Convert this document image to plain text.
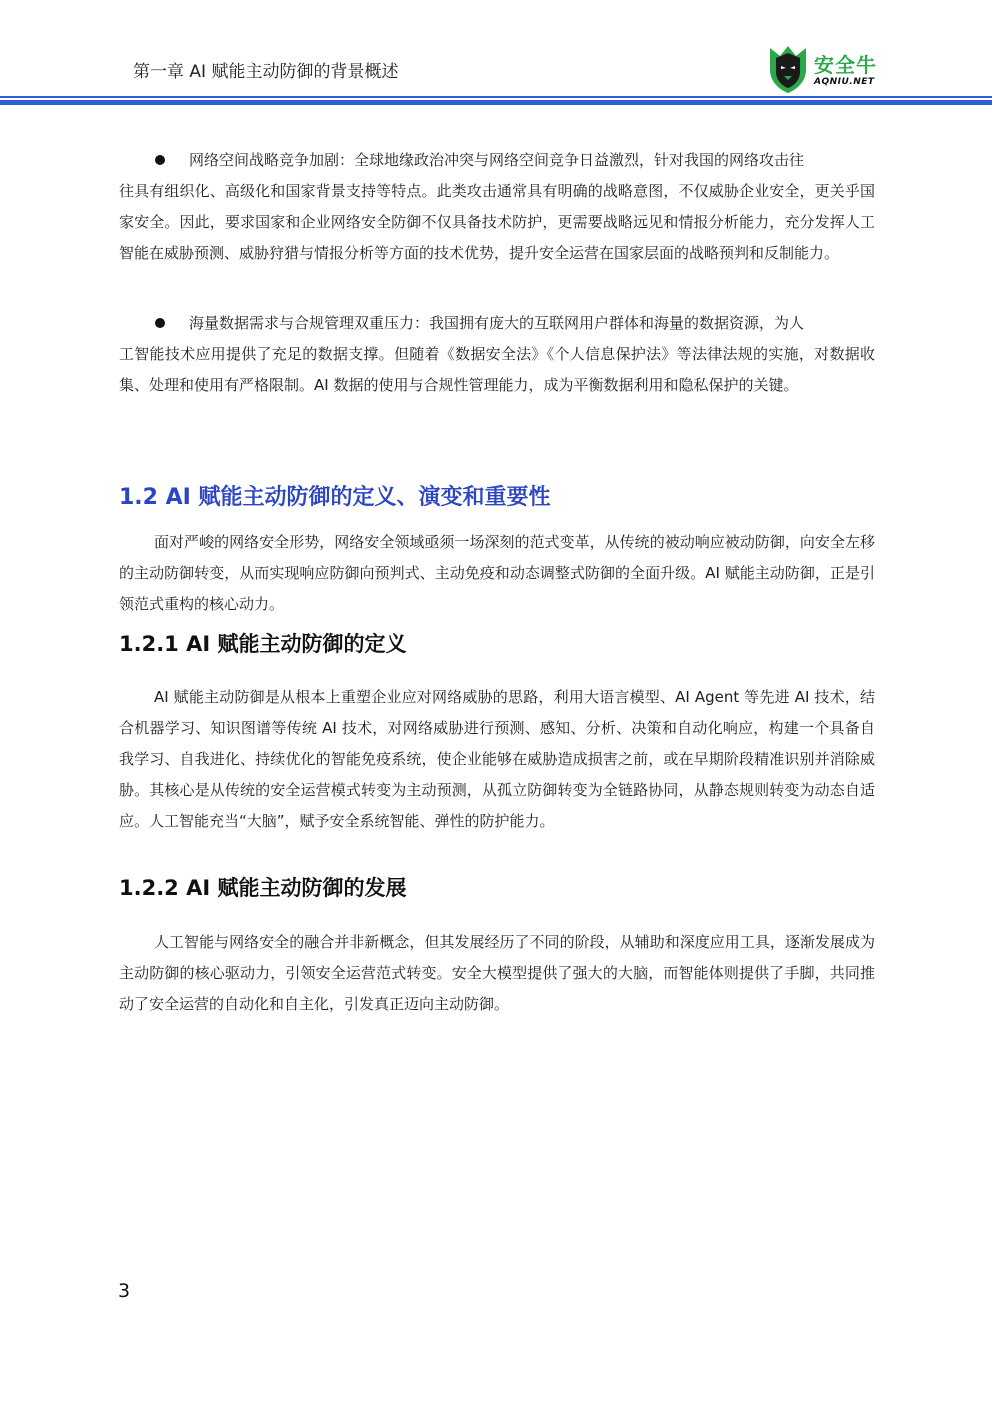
第一章 AI 赋能主动防御的背景概述	安全牛
AQNIU.NET
网络空间战略竞争加剧：全球地缘政治冲突与网络空间竞争日益激烈，针对我国的网络攻击往
往具有组织化、高级化和国家背景支持等特点。此类攻击通常具有明确的战略意图，不仅威胁企业安全，更关乎国家安全。因此，要求国家和企业网络安全防御不仅具备技术防护，更需要战略远见和情报分析能力，充分发挥人工智能在威胁预测、威胁狩猎与情报分析等方面的技术优势，提升安全运营在国家层面的战略预判和反制能力。
海量数据需求与合规管理双重压力：我国拥有庞大的互联网用户群体和海量的数据资源，为人
工智能技术应用提供了充足的数据支撑。但随着《数据安全法》《个人信息保护法》等法律法规的实施，对数据收集、处理和使用有严格限制。AI 数据的使用与合规性管理能力，成为平衡数据利用和隐私保护的关键。
1.2 AI 赋能主动防御的定义、演变和重要性
面对严峻的网络安全形势，网络安全领域亟须一场深刻的范式变革，从传统的被动响应被动防御，向安全左移的主动防御转变，从而实现响应防御向预判式、主动免疫和动态调整式防御的全面升级。AI 赋能主动防御，正是引领范式重构的核心动力。
1.2.1 AI 赋能主动防御的定义
AI 赋能主动防御是从根本上重塑企业应对网络威胁的思路，利用大语言模型、AI Agent 等先进 AI 技术，结合机器学习、知识图谱等传统 AI 技术，对网络威胁进行预测、感知、分析、决策和自动化响应，构建一个具备自我学习、自我进化、持续优化的智能免疫系统，使企业能够在威胁造成损害之前，或在早期阶段精准识别并消除威胁。其核心是从传统的安全运营模式转变为主动预测，从孤立防御转变为全链路协同，从静态规则转变为动态自适应。人工智能充当“大脑”，赋予安全系统智能、弹性的防护能力。
1.2.2 AI 赋能主动防御的发展
人工智能与网络安全的融合并非新概念，但其发展经历了不同的阶段，从辅助和深度应用工具，逐渐发展成为主动防御的核心驱动力，引领安全运营范式转变。安全大模型提供了强大的大脑，而智能体则提供了手脚，共同推动了安全运营的自动化和自主化，引发真正迈向主动防御。
3
